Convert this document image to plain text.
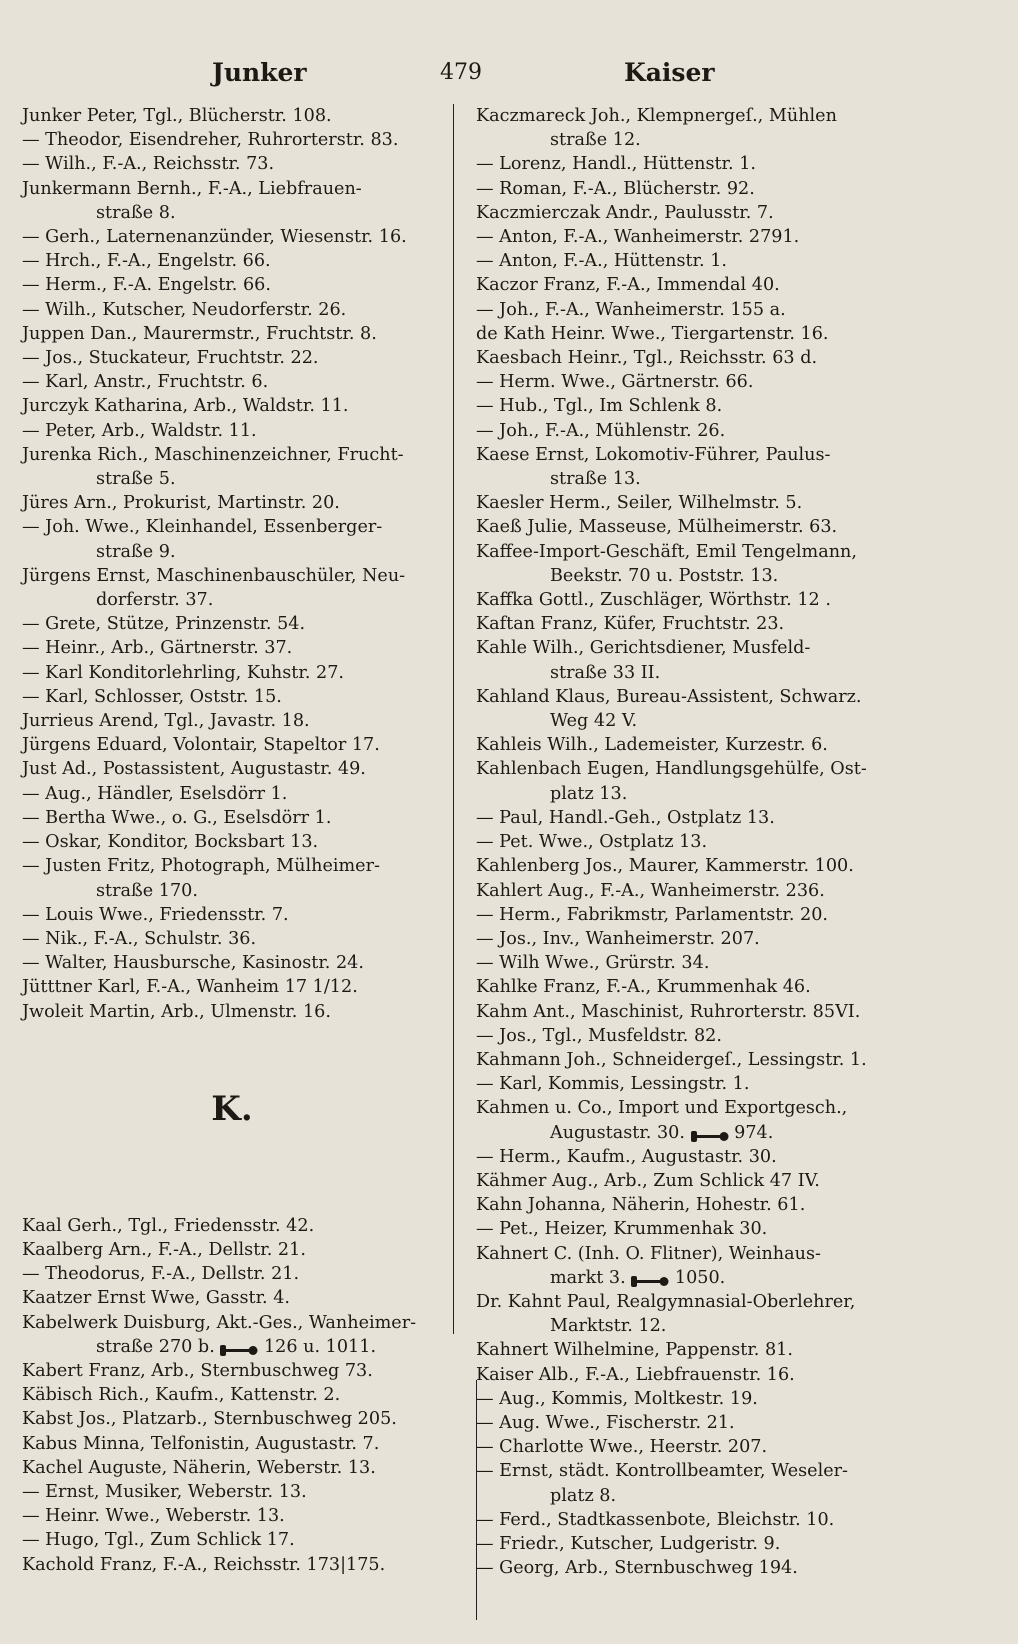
Junker	479	Kaiser

Junker Peter, Tgl., Blücherstr. 108.

— Theodor, Eisendreher, Ruhrorterstr. 83.

— Wilh., F.-A., Reichsstr. 73.

Junkermann Bernh., F.-A., Liebfrauen-

straße 8.

— Gerh., Laternenanzünder, Wiesenstr. 16.

— Hrch., F.-A., Engelstr. 66.

— Herm., F.-A. Engelstr. 66.

— Wilh., Kutscher, Neudorferstr. 26.

Juppen Dan., Maurermstr., Fruchtstr. 8.

— Jos., Stuckateur, Fruchtstr. 22.

— Karl, Anstr., Fruchtstr. 6.

Jurczyk Katharina, Arb., Waldstr. 11.

— Peter, Arb., Waldstr. 11.

Jurenka Rich., Maschinenzeichner, Frucht-

straße 5.

Jüres Arn., Prokurist, Martinstr. 20.

— Joh. Wwe., Kleinhandel, Essenberger-

straße 9.

Jürgens Ernst, Maschinenbauschüler, Neu-

dorferstr. 37.

— Grete, Stütze, Prinzenstr. 54.

— Heinr., Arb., Gärtnerstr. 37.

— Karl Konditorlehrling, Kuhstr. 27.

— Karl, Schlosser, Oststr. 15.

Jurrieus Arend, Tgl., Javastr. 18.

Jürgens Eduard, Volontair, Stapeltor 17.

Just Ad., Postassistent, Augustastr. 49.

— Aug., Händler, Eselsdörr 1.

— Bertha Wwe., o. G., Eselsdörr 1.

— Oskar, Konditor, Bocksbart 13.

— Justen Fritz, Photograph, Mülheimer-

straße 170.

— Louis Wwe., Friedensstr. 7.

— Nik., F.-A., Schulstr. 36.

— Walter, Hausbursche, Kasinostr. 24.

Jütttner Karl, F.-A., Wanheim 17 1/12.

Jwoleit Martin, Arb., Ulmenstr. 16.

K.

Kaal Gerh., Tgl., Friedensstr. 42.

Kaalberg Arn., F.-A., Dellstr. 21.

— Theodorus, F.-A., Dellstr. 21.

Kaatzer Ernst Wwe, Gasstr. 4.

Kabelwerk Duisburg, Akt.-Ges., Wanheimer-

straße 270 b.	126 u. 1011.

Kabert Franz, Arb., Sternbuschweg 73.

Käbisch Rich., Kaufm., Kattenstr. 2.

Kabst Jos., Platzarb., Sternbuschweg 205.

Kabus Minna, Telfonistin, Augustastr. 7.

Kachel Auguste, Näherin, Weberstr. 13.

— Ernst, Musiker, Weberstr. 13.

— Heinr. Wwe., Weberstr. 13.

— Hugo, Tgl., Zum Schlick 17.

Kachold Franz, F.-A., Reichsstr. 173|175.

Kaczmareck Joh., Klempnergeſ., Mühlen

straße 12.

— Lorenz, Handl., Hüttenstr. 1.

— Roman, F.-A., Blücherstr. 92.

Kaczmierczak Andr., Paulusstr. 7.

— Anton, F.-A., Wanheimerstr. 2791.

— Anton, F.-A., Hüttenstr. 1.

Kaczor Franz, F.-A., Immendal 40.

— Joh., F.-A., Wanheimerstr. 155 a.

de Kath Heinr. Wwe., Tiergartenstr. 16.

Kaesbach Heinr., Tgl., Reichsstr. 63 d.

— Herm. Wwe., Gärtnerstr. 66.

— Hub., Tgl., Im Schlenk 8.

— Joh., F.-A., Mühlenstr. 26.

Kaese Ernst, Lokomotiv-Führer, Paulus-

straße 13.

Kaesler Herm., Seiler, Wilhelmstr. 5.

Kaeß Julie, Masseuse, Mülheimerstr. 63.

Kaffee-Import-Geschäft, Emil Tengelmann,

Beekstr. 70 u. Poststr. 13.

Kaffka Gottl., Zuschläger, Wörthstr. 12 .

Kaftan Franz, Küfer, Fruchtstr. 23.

Kahle Wilh., Gerichtsdiener, Musfeld-

straße 33 II.

Kahland Klaus, Bureau-Assistent, Schwarz.

Weg 42 V.

Kahleis Wilh., Lademeister, Kurzestr. 6.

Kahlenbach Eugen, Handlungsgehülfe, Ost-

platz 13.

— Paul, Handl.-Geh., Ostplatz 13.

— Pet. Wwe., Ostplatz 13.

Kahlenberg Jos., Maurer, Kammerstr. 100.

Kahlert Aug., F.-A., Wanheimerstr. 236.

— Herm., Fabrikmstr, Parlamentstr. 20.

— Jos., Inv., Wanheimerstr. 207.

— Wilh Wwe., Grürstr. 34.

Kahlke Franz, F.-A., Krummenhak 46.

Kahm Ant., Maschinist, Ruhrorterstr. 85VI.

— Jos., Tgl., Musfeldstr. 82.

Kahmann Joh., Schneidergeſ., Lessingstr. 1.

— Karl, Kommis, Lessingstr. 1.

Kahmen u. Co., Import und Exportgesch.,

Augustastr. 30.	974.

— Herm., Kaufm., Augustastr. 30.

Kähmer Aug., Arb., Zum Schlick 47 IV.

Kahn Johanna, Näherin, Hohestr. 61.

— Pet., Heizer, Krummenhak 30.

Kahnert C. (Inh. O. Flitner), Weinhaus-

markt 3.	1050.

Dr. Kahnt Paul, Realgymnasial-Oberlehrer,

Marktstr. 12.

Kahnert Wilhelmine, Pappenstr. 81.

Kaiser Alb., F.-A., Liebfrauenstr. 16.

— Aug., Kommis, Moltkestr. 19.

— Aug. Wwe., Fischerstr. 21.

— Charlotte Wwe., Heerstr. 207.

— Ernst, städt. Kontrollbeamter, Weseler-

platz 8.

— Ferd., Stadtkassenbote, Bleichstr. 10.

— Friedr., Kutscher, Ludgeristr. 9.

— Georg, Arb., Sternbuschweg 194.
